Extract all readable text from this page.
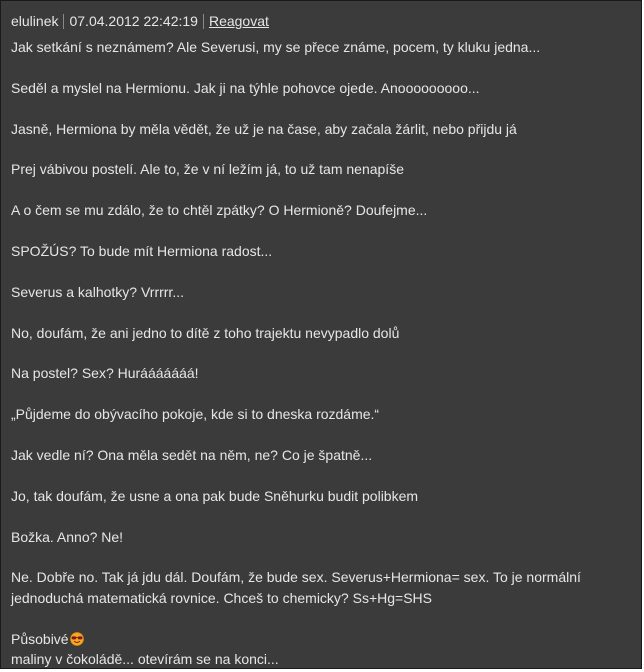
elulinek 07.04.2012 22:42:19 Reagovat

Jak setkání s neznámem? Ale Severusi, my se přece známe, pocem, ty kluku jedna...

Seděl a myslel na Hermionu. Jak ji na týhle pohovce ojede. Anooooooooo...

Jasně, Hermiona by měla vědět, že už je na čase, aby začala žárlit, nebo přijdu já

Prej vábivou postelí. Ale to, že v ní ležím já, to už tam nenapíše

A o čem se mu zdálo, že to chtěl zpátky? O Hermioně? Doufejme...

SPOŽÚS? To bude mít Hermiona radost...

Severus a kalhotky? Vrrrrr...

No, doufám, že ani jedno to dítě z toho trajektu nevypadlo dolů

Na postel? Sex? Hurááááááá!

„Půjdeme do obývacího pokoje, kde si to dneska rozdáme.“

Jak vedle ní? Ona měla sedět na něm, ne? Co je špatně...

Jo, tak doufám, že usne a ona pak bude Sněhurku budit polibkem

Božka. Anno? Ne!

Ne. Dobře no. Tak já jdu dál. Doufám, že bude sex. Severus+Hermiona= sex. To je normální jednoduchá matematická rovnice. Chceš to chemicky? Ss+Hg=SHS

Působivé
maliny v čokoládě... otevírám se na konci...
